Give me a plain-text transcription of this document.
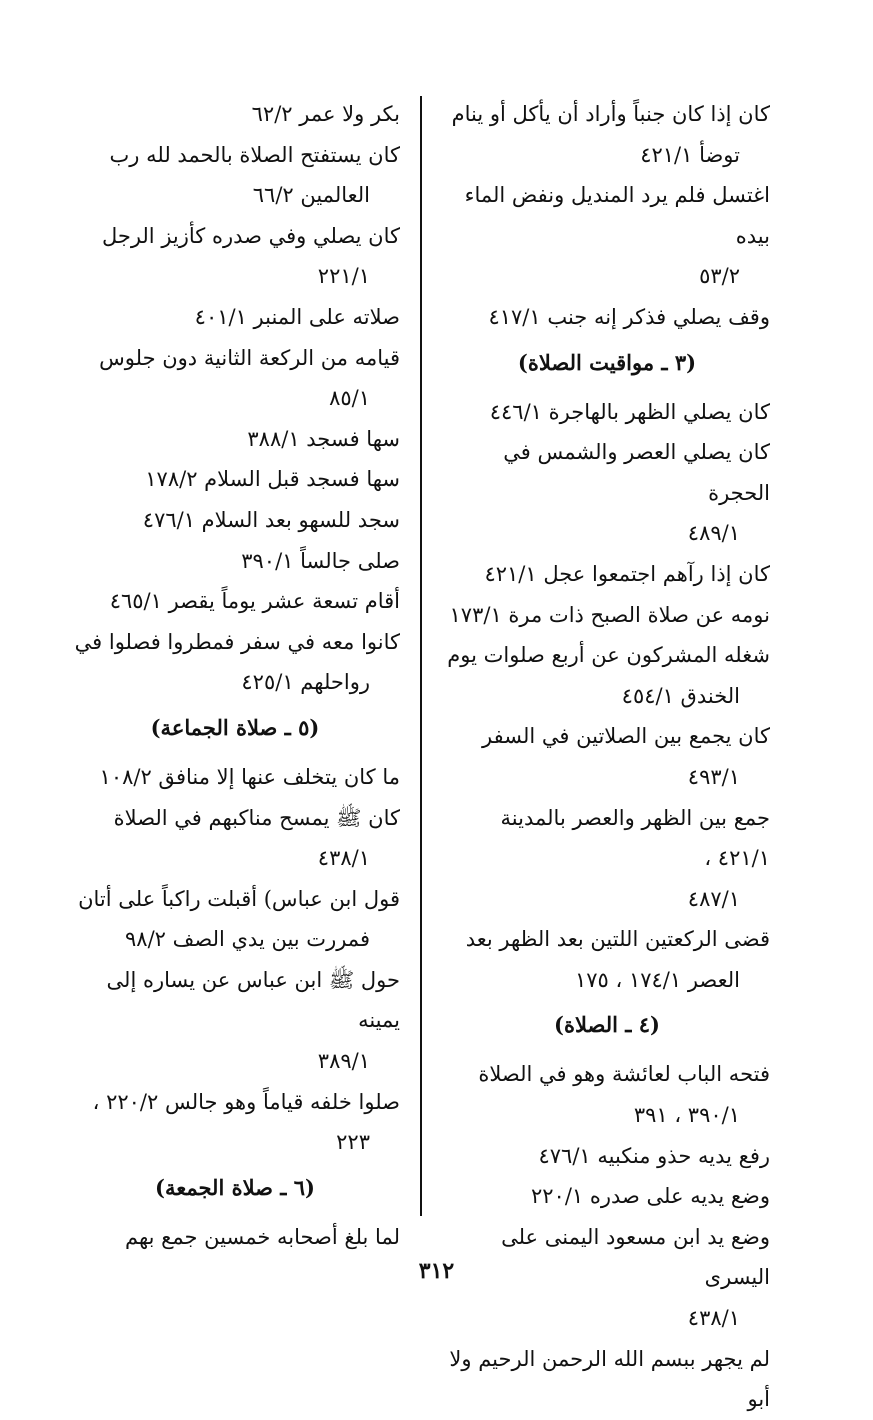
كان إذا كان جنباً وأراد أن يأكل أو ينام
توضأ ٤٢١/١
اغتسل فلم يرد المنديل ونفض الماء بيده
٥٣/٢
وقف يصلي فذكر إنه جنب ٤١٧/١
(٣ ـ مواقيت الصلاة)
كان يصلي الظهر بالهاجرة ٤٤٦/١
كان يصلي العصر والشمس في الحجرة
٤٨٩/١
كان إذا رآهم اجتمعوا عجل ٤٢١/١
نومه عن صلاة الصبح ذات مرة ١٧٣/١
شغله المشركون عن أربع صلوات يوم
الخندق ٤٥٤/١
كان يجمع بين الصلاتين في السفر
٤٩٣/١
جمع بين الظهر والعصر بالمدينة ٤٢١/١ ،
٤٨٧/١
قضى الركعتين اللتين بعد الظهر بعد
العصر ١٧٤/١ ، ١٧٥
(٤ ـ الصلاة)
فتحه الباب لعائشة وهو في الصلاة
٣٩٠/١ ، ٣٩١
رفع يديه حذو منكبيه ٤٧٦/١
وضع يديه على صدره ٢٢٠/١
وضع يد ابن مسعود اليمنى على اليسرى
٤٣٨/١
لم يجهر ببسم الله الرحمن الرحيم ولا أبو
بكر ولا عمر ٦٢/٢
كان يستفتح الصلاة بالحمد لله رب
العالمين ٦٦/٢
كان يصلي وفي صدره كأزيز الرجل
٢٢١/١
صلاته على المنبر ٤٠١/١
قيامه من الركعة الثانية دون جلوس
٨٥/١
سها فسجد ٣٨٨/١
سها فسجد قبل السلام ١٧٨/٢
سجد للسهو بعد السلام ٤٧٦/١
صلى جالساً ٣٩٠/١
أقام تسعة عشر يوماً يقصر ٤٦٥/١
كانوا معه في سفر فمطروا فصلوا في
رواحلهم ٤٢٥/١
(٥ ـ صلاة الجماعة)
ما كان يتخلف عنها إلا منافق ١٠٨/٢
كان ﷺ يمسح مناكبهم في الصلاة
٤٣٨/١
قول ابن عباس) أقبلت راكباً على أتان
فمررت بين يدي الصف ٩٨/٢
حول ﷺ ابن عباس عن يساره إلى يمينه
٣٨٩/١
صلوا خلفه قياماً وهو جالس ٢٢٠/٢ ،
٢٢٣
(٦ ـ صلاة الجمعة)
لما بلغ أصحابه خمسين جمع بهم
٣١٢
